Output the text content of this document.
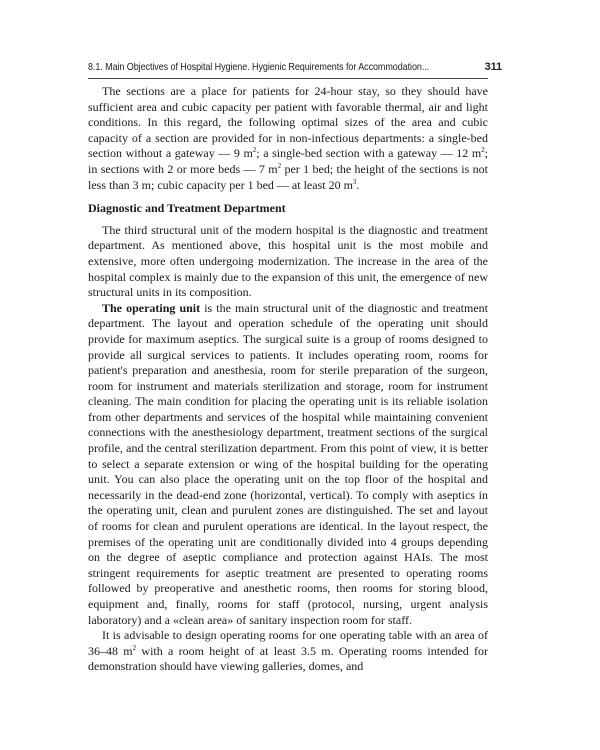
8.1. Main Objectives of Hospital Hygiene. Hygienic Requirements for Accommodation...	311

The sections are a place for patients for 24-hour stay, so they should have sufficient area and cubic capacity per patient with favorable thermal, air and light conditions. In this regard, the following optimal sizes of the area and cubic capacity of a section are provided for in non-infectious departments: a single-bed section without a gateway — 9 $m^2$; a single-bed section with a gateway — 12 $m^2$; in sections with 2 or more beds — 7 $m^2$ per 1 bed; the height of the sections is not less than 3 m; cubic capacity per 1 bed — at least 20 $m^3$.

Diagnostic and Treatment Department

The third structural unit of the modern hospital is the diagnostic and treatment department. As mentioned above, this hospital unit is the most mobile and extensive, more often undergoing modernization. The increase in the area of the hospital complex is mainly due to the expansion of this unit, the emergence of new structural units in its composition.

The operating unit is the main structural unit of the diagnostic and treatment department. The layout and operation schedule of the operating unit should provide for maximum aseptics. The surgical suite is a group of rooms designed to provide all surgical services to patients. It includes operating room, rooms for patient's preparation and anesthesia, room for sterile preparation of the surgeon, room for instrument and materials sterilization and storage, room for instrument cleaning. The main condition for placing the operating unit is its reliable isolation from other departments and services of the hospital while maintaining convenient connections with the anesthesiology department, treatment sections of the surgical profile, and the central sterilization department. From this point of view, it is better to select a separate extension or wing of the hospital building for the operating unit. You can also place the operating unit on the top floor of the hospital and necessarily in the dead-end zone (horizontal, vertical). To comply with aseptics in the operating unit, clean and purulent zones are distinguished. The set and layout of rooms for clean and purulent operations are identical. In the layout respect, the premises of the operating unit are conditionally divided into 4 groups depending on the degree of aseptic compliance and protection against HAIs. The most stringent requirements for aseptic treatment are presented to operating rooms followed by preoperative and anesthetic rooms, then rooms for storing blood, equipment and, finally, rooms for staff (protocol, nursing, urgent analysis laboratory) and a «clean area» of sanitary inspection room for staff.

It is advisable to design operating rooms for one operating table with an area of 36–48 $m^2$ with a room height of at least 3.5 m. Operating rooms intended for demonstration should have viewing galleries, domes, and
